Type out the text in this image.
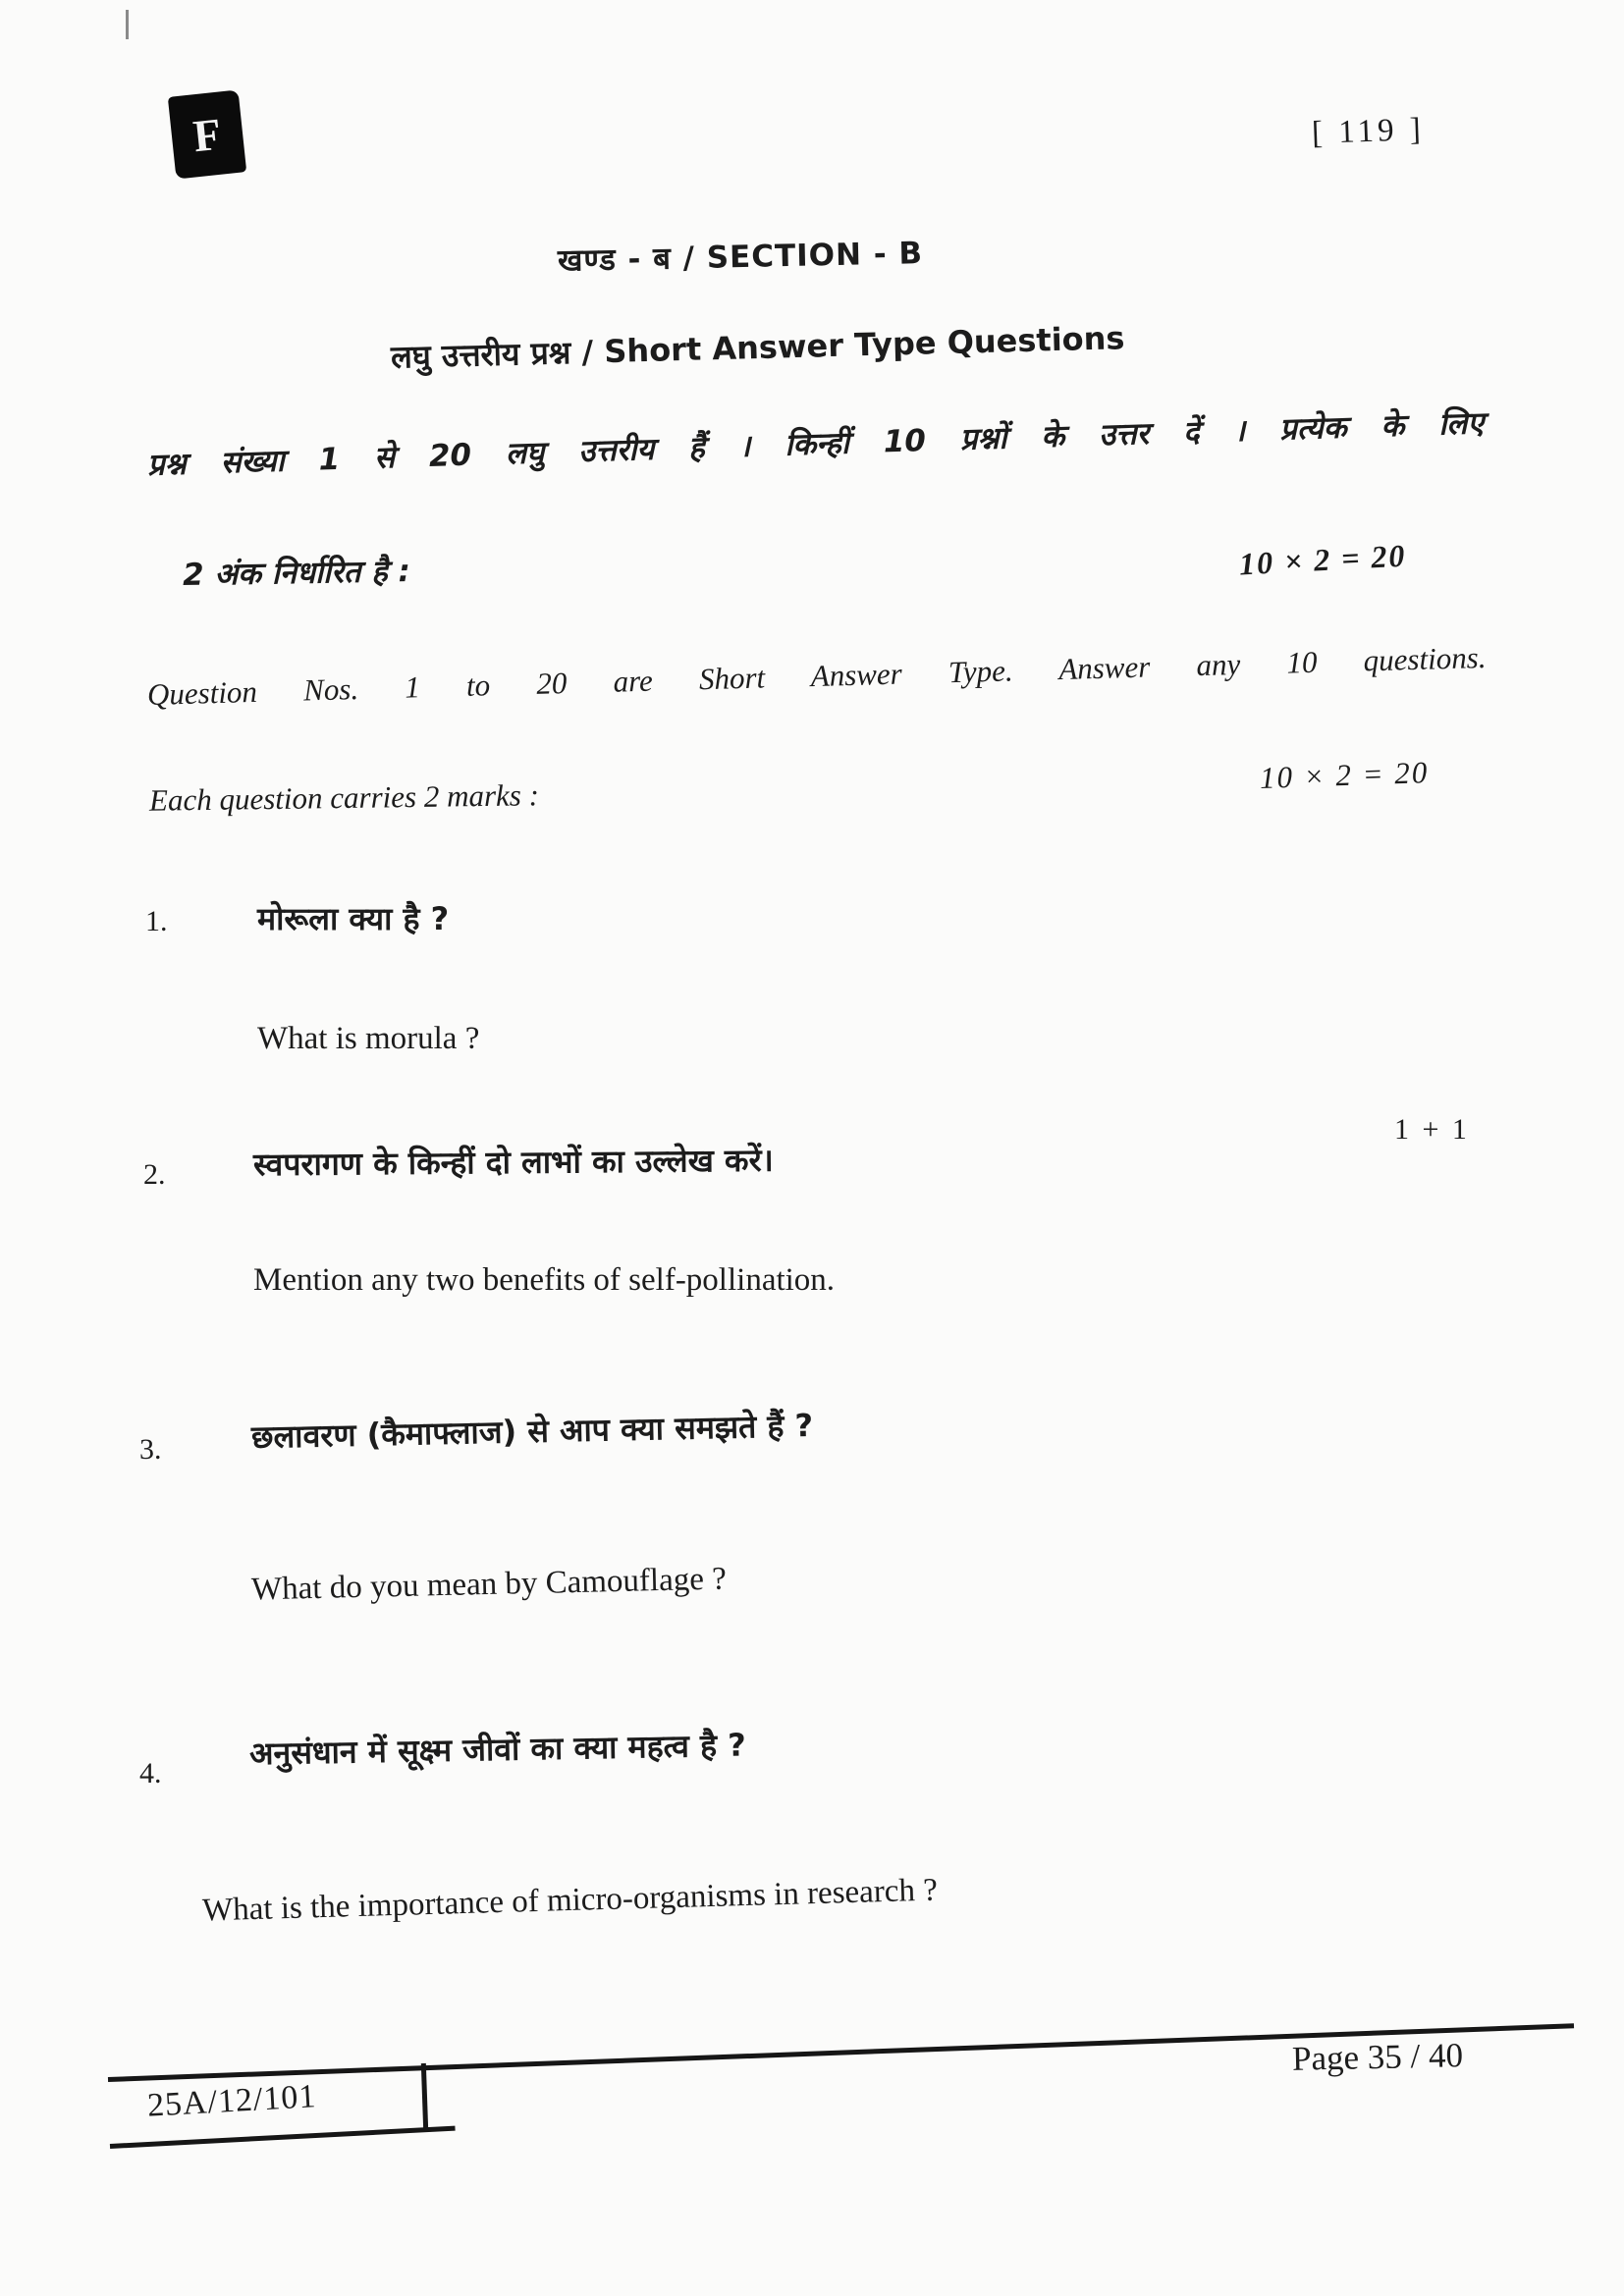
F	[ 119 ]
खण्ड - ब / SECTION - B
लघु उत्तरीय प्रश्न / Short Answer Type Questions
प्रश्न संख्या 1 से 20 लघु उत्तरीय हैं । किन्हीं 10 प्रश्नों के उत्तर दें । प्रत्येक के लिए
2 अंक निर्धारित है :	10 × 2 = 20
Question Nos. 1 to 20 are Short Answer Type. Answer any 10 questions.
Each question carries 2 marks :
10 × 2 = 20
1.	मोरूला क्या है ?
What is morula ?
1 + 1
2.	स्वपरागण के किन्हीं दो लाभों का उल्लेख करें।
Mention any two benefits of self-pollination.
3.	छलावरण (कैमाफ्लाज) से आप क्या समझते हैं ?
What do you mean by Camouflage ?
4.
अनुसंधान में सूक्ष्म जीवों का क्या महत्व है ?
What is the importance of micro-organisms in research ?
Page 35 / 40
25A/12/101
